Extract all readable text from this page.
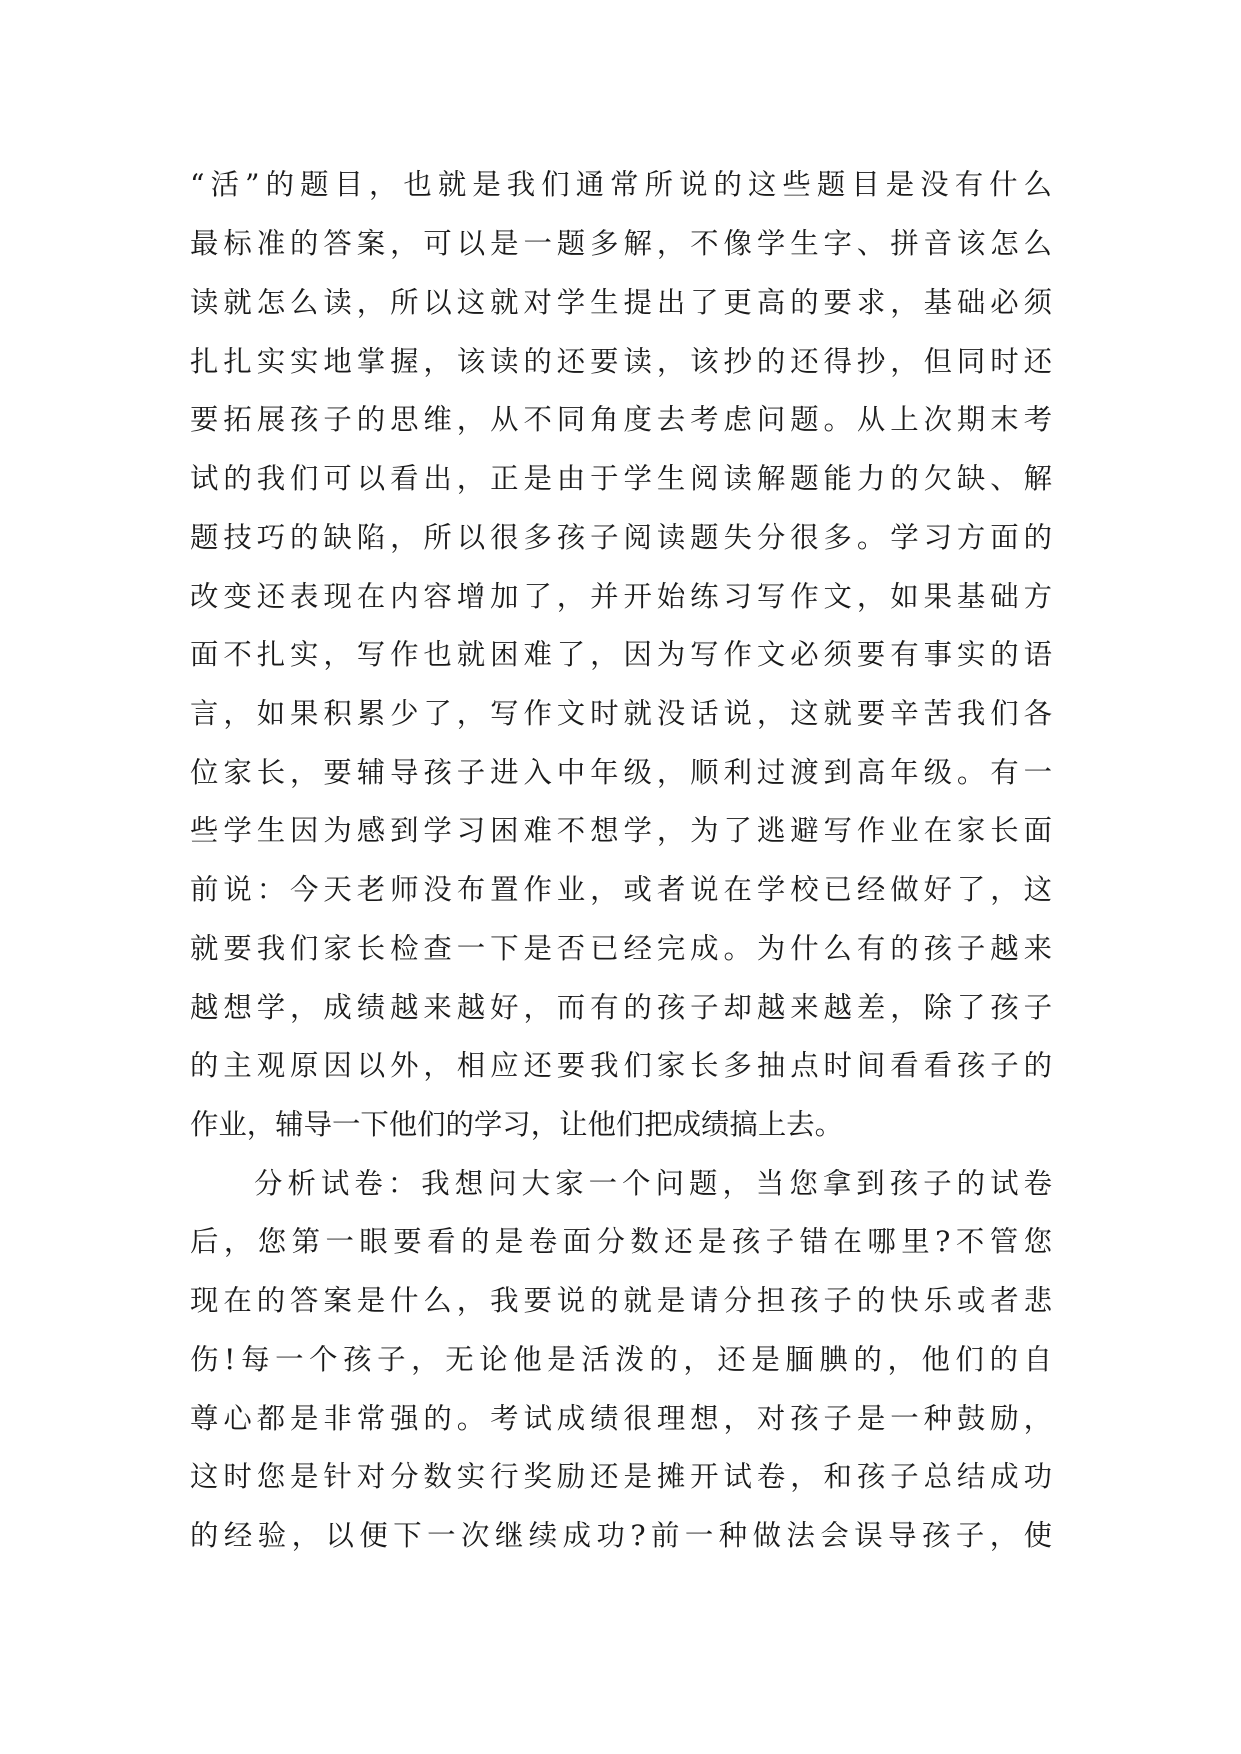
“活”的题目，也就是我们通常所说的这些题目是没有什么
最标准的答案，可以是一题多解，不像学生字、拼音该怎么
读就怎么读，所以这就对学生提出了更高的要求，基础必须
扎扎实实地掌握，该读的还要读，该抄的还得抄，但同时还
要拓展孩子的思维，从不同角度去考虑问题。从上次期末考
试的我们可以看出，正是由于学生阅读解题能力的欠缺、解
题技巧的缺陷，所以很多孩子阅读题失分很多。学习方面的
改变还表现在内容增加了，并开始练习写作文，如果基础方
面不扎实，写作也就困难了，因为写作文必须要有事实的语
言，如果积累少了，写作文时就没话说，这就要辛苦我们各
位家长，要辅导孩子进入中年级，顺利过渡到高年级。有一
些学生因为感到学习困难不想学，为了逃避写作业在家长面
前说：今天老师没布置作业，或者说在学校已经做好了，这
就要我们家长检查一下是否已经完成。为什么有的孩子越来
越想学，成绩越来越好，而有的孩子却越来越差，除了孩子
的主观原因以外，相应还要我们家长多抽点时间看看孩子的
作业，辅导一下他们的学习，让他们把成绩搞上去。
分析试卷：我想问大家一个问题，当您拿到孩子的试卷
后，您第一眼要看的是卷面分数还是孩子错在哪里?不管您
现在的答案是什么，我要说的就是请分担孩子的快乐或者悲
伤!每一个孩子，无论他是活泼的，还是腼腆的，他们的自
尊心都是非常强的。考试成绩很理想，对孩子是一种鼓励，
这时您是针对分数实行奖励还是摊开试卷，和孩子总结成功
的经验，以便下一次继续成功?前一种做法会误导孩子，使
